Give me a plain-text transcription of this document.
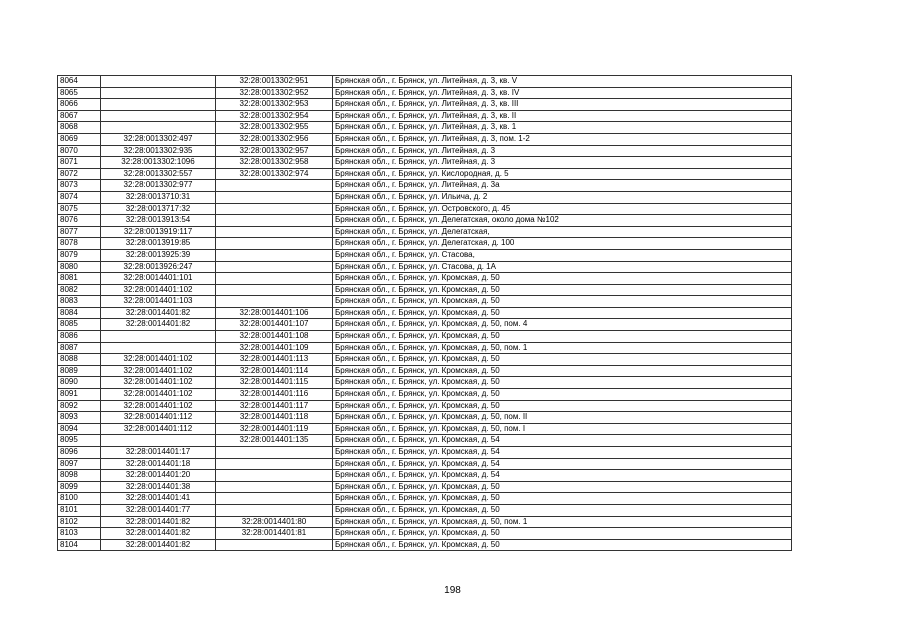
8064		32:28:0013302:951	Брянская обл., г. Брянск, ул. Литейная, д. 3, кв. V
8065		32:28:0013302:952	Брянская обл., г. Брянск, ул. Литейная, д. 3, кв. IV
8066		32:28:0013302:953	Брянская обл., г. Брянск, ул. Литейная, д. 3, кв. III
8067		32:28:0013302:954	Брянская обл., г. Брянск, ул. Литейная, д. 3, кв. II
8068		32:28:0013302:955	Брянская обл., г. Брянск, ул. Литейная, д. 3, кв. 1
8069	32:28:0013302:497	32:28:0013302:956	Брянская обл., г. Брянск, ул. Литейная, д. 3, пом. 1-2
8070	32:28:0013302:935	32:28:0013302:957	Брянская обл., г. Брянск, ул. Литейная, д. 3
8071	32:28:0013302:1096	32:28:0013302:958	Брянская обл., г. Брянск, ул. Литейная, д. 3
8072	32:28:0013302:557	32:28:0013302:974	Брянская обл., г. Брянск, ул. Кислородная, д. 5
8073	32:28:0013302:977		Брянская обл., г. Брянск, ул. Литейная, д. 3а
8074	32:28:0013710:31		Брянская обл., г. Брянск, ул. Ильича, д. 2
8075	32:28:0013717:32		Брянская обл., г. Брянск, ул. Островского, д. 45
8076	32:28:0013913:54		Брянская обл., г. Брянск, ул. Делегатская, около дома №102
8077	32:28:0013919:117		Брянская обл., г. Брянск, ул. Делегатская,
8078	32:28:0013919:85		Брянская обл., г. Брянск, ул. Делегатская, д. 100
8079	32:28:0013925:39		Брянская обл., г. Брянск, ул. Стасова,
8080	32:28:0013926:247		Брянская обл., г. Брянск, ул. Стасова, д. 1А
8081	32:28:0014401:101		Брянская обл., г. Брянск, ул. Кромская, д. 50
8082	32:28:0014401:102		Брянская обл., г. Брянск, ул. Кромская, д. 50
8083	32:28:0014401:103		Брянская обл., г. Брянск, ул. Кромская, д. 50
8084	32:28:0014401:82	32:28:0014401:106	Брянская обл., г. Брянск, ул. Кромская, д. 50
8085	32:28:0014401:82	32:28:0014401:107	Брянская обл., г. Брянск, ул. Кромская, д. 50, пом. 4
8086		32:28:0014401:108	Брянская обл., г. Брянск, ул. Кромская, д. 50
8087		32:28:0014401:109	Брянская обл., г. Брянск, ул. Кромская, д. 50, пом. 1
8088	32:28:0014401:102	32:28:0014401:113	Брянская обл., г. Брянск, ул. Кромская, д. 50
8089	32:28:0014401:102	32:28:0014401:114	Брянская обл., г. Брянск, ул. Кромская, д. 50
8090	32:28:0014401:102	32:28:0014401:115	Брянская обл., г. Брянск, ул. Кромская, д. 50
8091	32:28:0014401:102	32:28:0014401:116	Брянская обл., г. Брянск, ул. Кромская, д. 50
8092	32:28:0014401:102	32:28:0014401:117	Брянская обл., г. Брянск, ул. Кромская, д. 50
8093	32:28:0014401:112	32:28:0014401:118	Брянская обл., г. Брянск, ул. Кромская, д. 50, пом. II
8094	32:28:0014401:112	32:28:0014401:119	Брянская обл., г. Брянск, ул. Кромская, д. 50, пом. I
8095		32:28:0014401:135	Брянская обл., г. Брянск, ул. Кромская, д. 54
8096	32:28:0014401:17		Брянская обл., г. Брянск, ул. Кромская, д. 54
8097	32:28:0014401:18		Брянская обл., г. Брянск, ул. Кромская, д. 54
8098	32:28:0014401:20		Брянская обл., г. Брянск, ул. Кромская, д. 54
8099	32:28:0014401:38		Брянская обл., г. Брянск, ул. Кромская, д. 50
8100	32:28:0014401:41		Брянская обл., г. Брянск, ул. Кромская, д. 50
8101	32:28:0014401:77		Брянская обл., г. Брянск, ул. Кромская, д. 50
8102	32:28:0014401:82	32:28:0014401:80	Брянская обл., г. Брянск, ул. Кромская, д. 50, пом. 1
8103	32:28:0014401:82	32:28:0014401:81	Брянская обл., г. Брянск, ул. Кромская, д. 50
8104	32:28:0014401:82		Брянская обл., г. Брянск, ул. Кромская, д. 50
198
